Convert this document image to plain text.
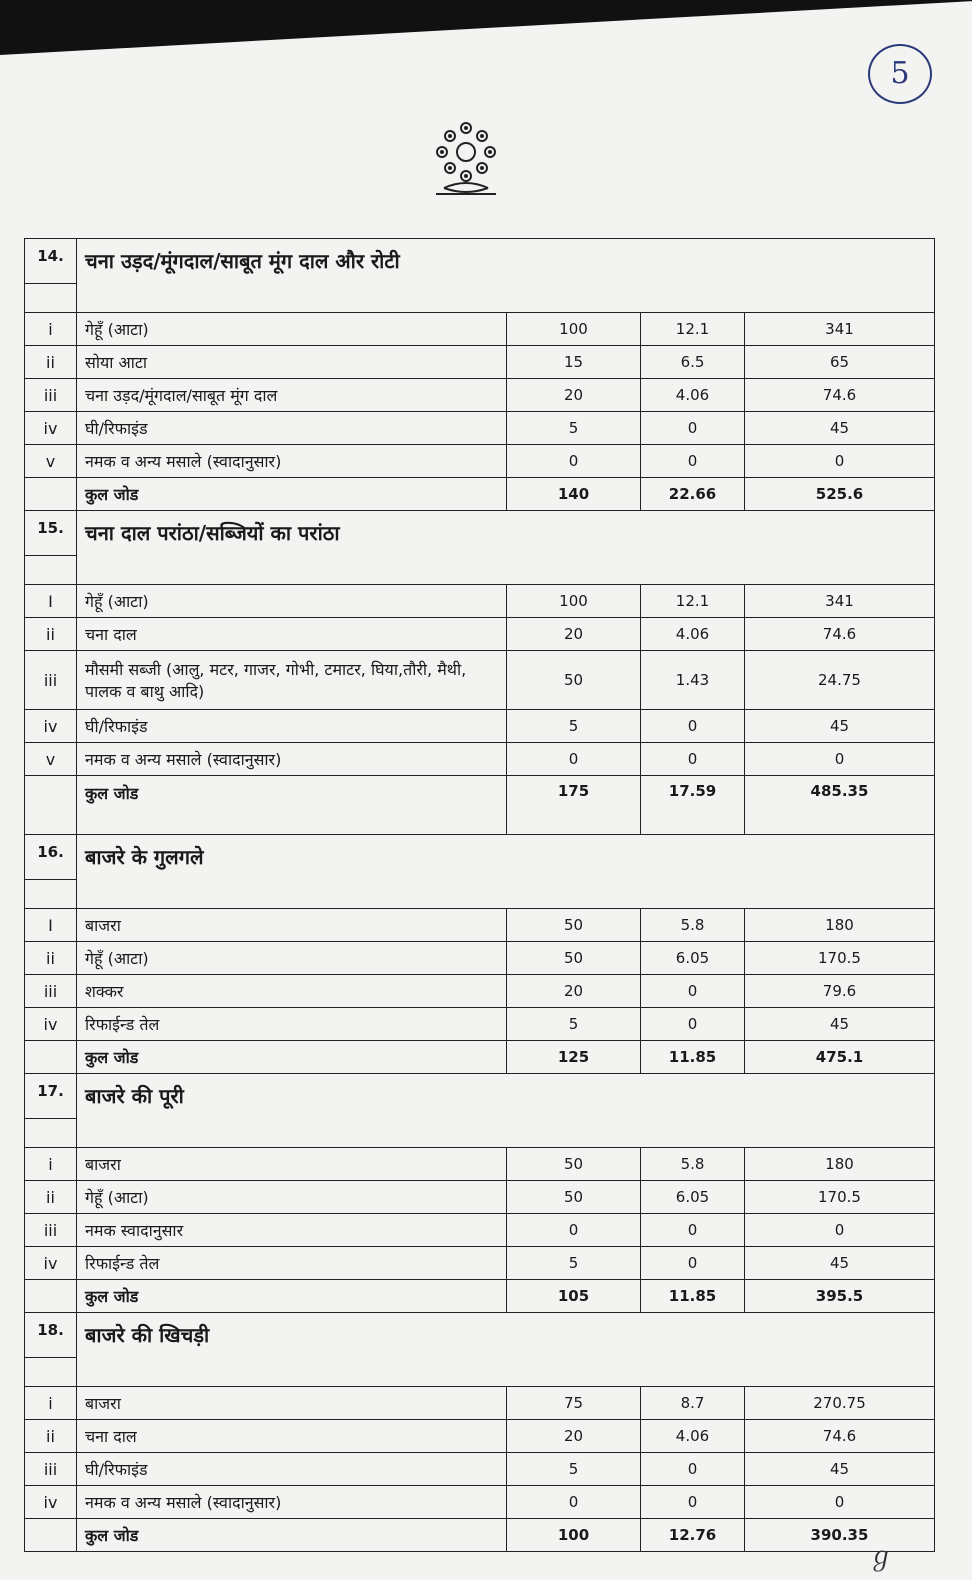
5
14.	चना उड़द/मूंगदाल/साबूत मूंग दाल और रोटी			

i	गेहूँ (आटा)	100	12.1	341
ii	सोया आटा	15	6.5	65
iii	चना उड़द/मूंगदाल/साबूत मूंग दाल	20	4.06	74.6
iv	घी/रिफाइंड	5	0	45
v	नमक व अन्य मसाले (स्वादानुसार)	0	0	0
	कुल जोड	140	22.66	525.6
15.	चना दाल परांठा/सब्जियों का परांठा			

I	गेहूँ (आटा)	100	12.1	341
ii	चना दाल	20	4.06	74.6
iii	मौसमी सब्जी (आलु, मटर, गाजर, गोभी, टमाटर, घिया,तौरी, मैथी, पालक व बाथु आदि)	50	1.43	24.75
iv	घी/रिफाइंड	5	0	45
v	नमक व अन्य मसाले (स्वादानुसार)	0	0	0
	कुल जोड	175	17.59	485.35
16.	बाजरे के गुलगले			

I	बाजरा	50	5.8	180
ii	गेहूँ (आटा)	50	6.05	170.5
iii	शक्कर	20	0	79.6
iv	रिफाईन्ड तेल	5	0	45
	कुल जोड	125	11.85	475.1
17.	बाजरे की पूरी			

i	बाजरा	50	5.8	180
ii	गेहूँ (आटा)	50	6.05	170.5
iii	नमक स्वादानुसार	0	0	0
iv	रिफाईन्ड तेल	5	0	45
	कुल जोड	105	11.85	395.5
18.	बाजरे की खिचड़ी			

i	बाजरा	75	8.7	270.75
ii	चना दाल	20	4.06	74.6
iii	घी/रिफाइंड	5	0	45
iv	नमक व अन्य मसाले (स्वादानुसार)	0	0	0
	कुल जोड	100	12.76	390.35
ℊ
